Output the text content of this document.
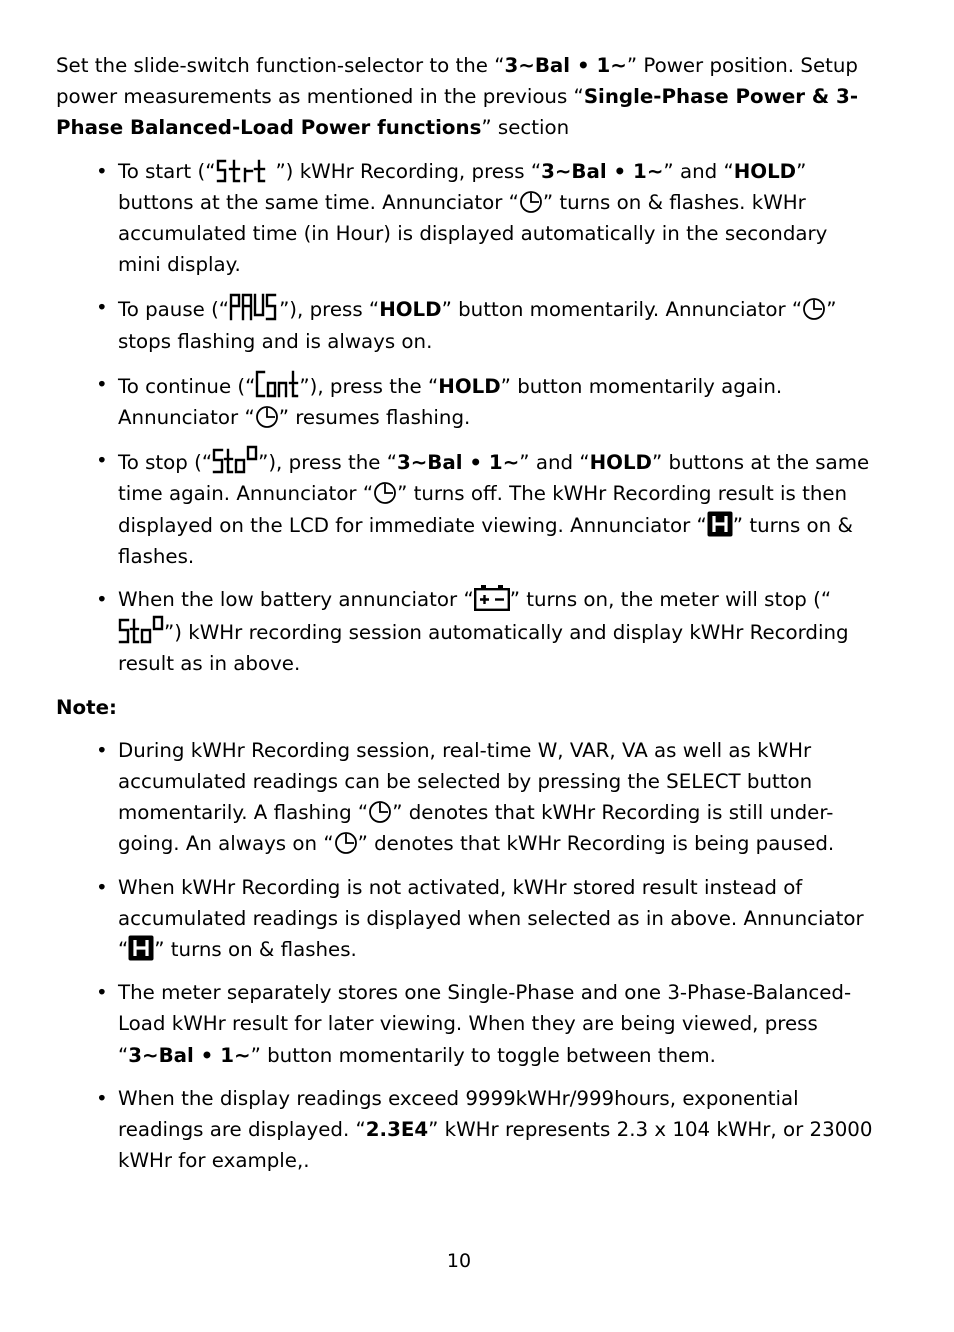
Set the slide-switch function-selector to the “3~Bal • 1~” Power position. Setup power measurements as mentioned in the previous “Single-Phase Power & 3-Phase Balanced-Load Power functions” section

• To start (“	”) kWHr Recording, press “3~Bal • 1~” and “HOLD” buttons at the same time. Annunciator “ ” turns on & flashes. kWHr accumulated time (in Hour) is displayed automatically in the secondary mini display.
• To pause (“	”), press “HOLD” button momentarily. Annunciator “ ” stops flashing and is always on.
• To continue (“ ”), press the “HOLD” button momentarily again. Annunciator “ ” resumes flashing.
• To stop (“ ”), press the “3~Bal • 1~” and “HOLD” buttons at the same time again. Annunciator “ ” turns off. The kWHr Recording result is then displayed on the LCD for immediate viewing. Annunciator “ ” turns on & flashes.
• When the low battery annunciator “ ” turns on, the meter will stop (“”) kWHr recording session automatically and display kWHr Recording result as in above.
Note:
• During kWHr Recording session, real-time W, VAR, VA as well as kWHr accumulated readings can be selected by pressing the SELECT button momentarily. A flashing “ ” denotes that kWHr Recording is still under-going. An always on “ ” denotes that kWHr Recording is being paused.
• When kWHr Recording is not activated, kWHr stored result instead of accumulated readings is displayed when selected as in above. Annunciator “ ” turns on & flashes.
• The meter separately stores one Single-Phase and one 3-Phase-Balanced-Load kWHr result for later viewing. When they are being viewed, press “3~Bal • 1~” button momentarily to toggle between them.
• When the display readings exceed 9999kWHr/999hours, exponential readings are displayed. “2.3E4” kWHr represents 2.3 x 104 kWHr, or 23000 kWHr for example,.
10
